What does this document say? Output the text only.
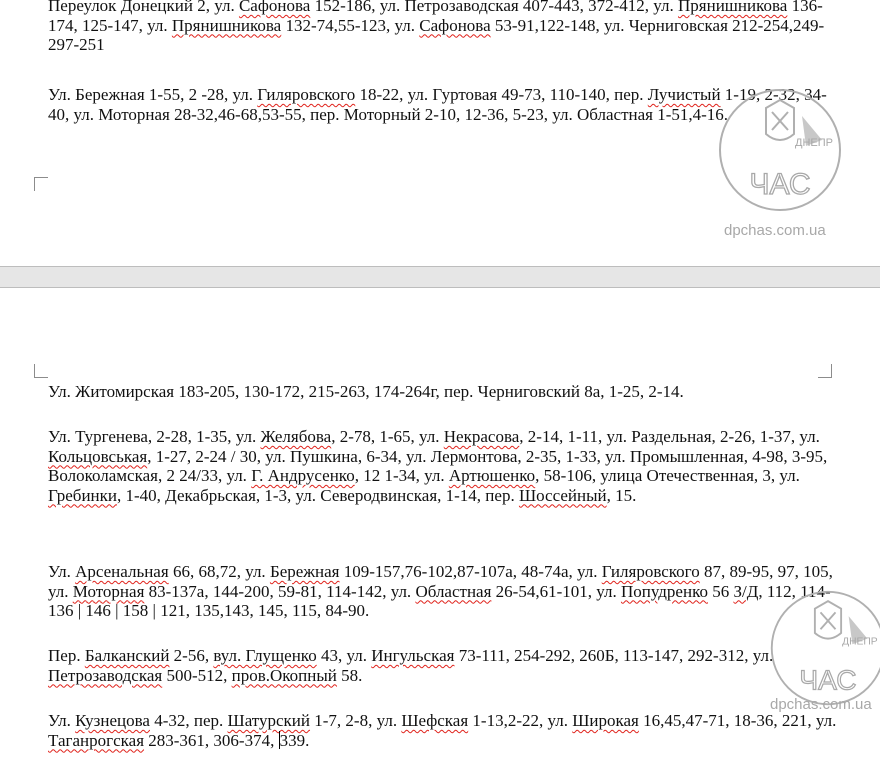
Переулок Донецкий 2, ул. Сафонова 152-186, ул. Петрозаводская 407-443, 372-412, ул. Прянишникова 136-174, 125-147, ул. Прянишникова 132-74,55-123, ул. Сафонова 53-91,122-148, ул. Черниговская 212-254,249-297-251

Ул. Бережная 1-55, 2 -28, ул. Гиляровского 18-22, ул. Гуртовая 49-73, 110-140, пер. Лучистый 1-19, 2-32, 34-40, ул. Моторная 28-32,46-68,53-55, пер. Моторный 2-10, 12-36, 5-23, ул. Областная 1-51,4-16.

ДНЕПР
ЧАС
dpchas.com.ua

Ул. Житомирская 183-205, 130-172, 215-263, 174-264г, пер. Черниговский 8а, 1-25, 2-14.

Ул. Тургенева, 2-28, 1-35, ул. Желябова, 2-78, 1-65, ул. Некрасова, 2-14, 1-11, ул. Раздельная, 2-26, 1-37, ул. Кольцовськая, 1-27, 2-24 / 30, ул. Пушкина, 6-34, ул. Лермонтова, 2-35, 1-33, ул. Промышленная, 4-98, 3-95, Волоколамская, 2 24/33, ул. Г. Андрусенко, 12 1-34, ул. Артюшенко, 58-106, улица Отечественная, 3, ул. Гребинки, 1-40, Декабрьская, 1-3, ул. Северодвинская, 1-14, пер. Шоссейный, 15.

Ул. Арсенальная 66, 68,72, ул. Бережная 109-157,76-102,87-107а, 48-74а, ул. Гиляровского 87, 89-95, 97, 105, ул. Моторная 83-137а, 144-200, 59-81, 114-142, ул. Областная 26-54,61-101, ул. Попудренко 56 З/Д, 112, 114-136 | 146 | 158 | 121, 135,143, 145, 115, 84-90.

Пер. Балканский 2-56, вул. Глущенко 43, ул. Ингульская 73-111, 254-292, 260Б, 113-147, 292-312, ул. Петрозаводская 500-512, пров.Окопный 58.

Ул. Кузнецова 4-32, пер. Шатурский 1-7, 2-8, ул. Шефская 1-13,2-22, ул. Широкая 16,45,47-71, 18-36, 221, ул. Таганрогская 283-361, 306-374, 339.

ДНЕПР
ЧАС
dpchas.com.ua
